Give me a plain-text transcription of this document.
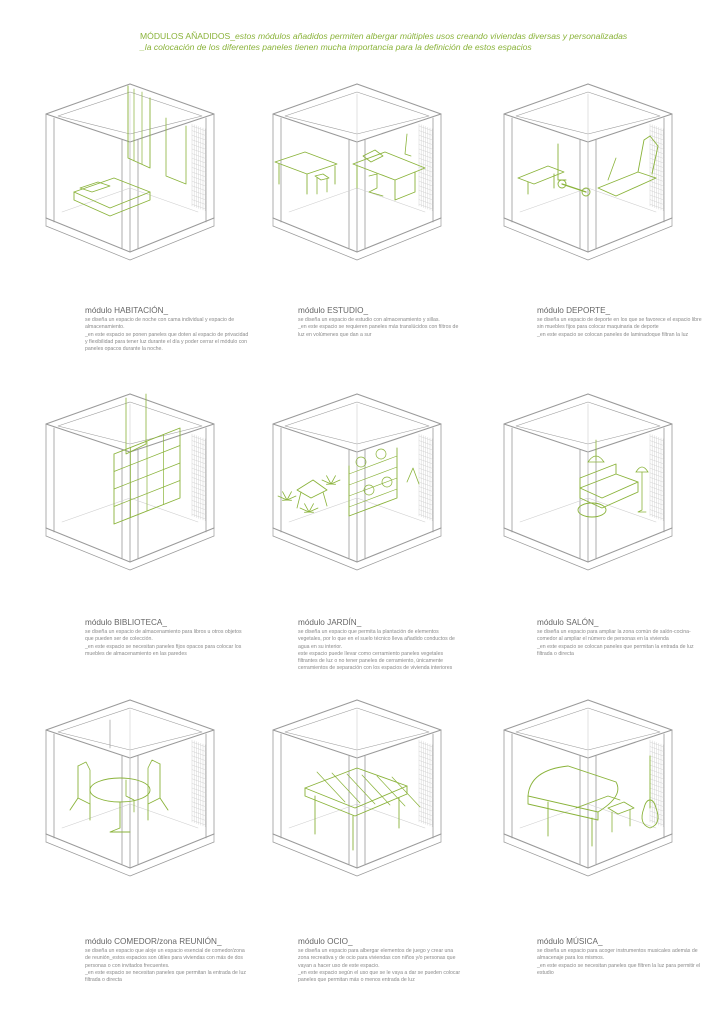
MÓDULOS AÑADIDOS_estos módulos añadidos permiten albergar múltiples usos creando viviendas diversas y personalizadas
_la colocación de los diferentes paneles tienen mucha importancia para la definición de estos espacios
módulo HABITACIÓN_
se diseña un espacio de noche con cama individual y espacio de almacenamiento.
_en este espacio se ponen paneles que doten al espacio de privacidad y flexibilidad para tener luz durante el día y poder cerrar el módulo con paneles opacos durante la noche.
módulo ESTUDIO_
se diseña un espacio de estudio con almacenamiento y sillas.
_en este espacio se requieren paneles más translúcidos con filtros de luz en volúmenes que dan a sur
módulo DEPORTE_
se diseña un espacio de deporte en los que se favorece el espacio libre sin muebles fijos para colocar maquinaria de deporte
_en este espacio se colocan paneles de laminadoque filtran la luz
módulo BIBLIOTECA_
se diseña un espacio de almacenamiento para libros u otros objetos que pueden ser de colección.
_en este espacio se necesitan paneles fijos opacos para colocar los muebles de almacenamiento en las paredes
módulo JARDÍN_
se diseña un espacio que permita la plantación de elementos vegetales, por lo que en el suelo técnico lleva añadido conductos de agua en su interior.
este espacio puede llevar como cerramiento paneles vegetales filtrantes de luz o no tener paneles de cerramiento, únicamente cerramientos de separación con los espacios de vivienda interiores
módulo SALÓN_
se diseña un espacio para ampliar la zona común de salón-cocina-comedor al ampliar el número de personas en la vivienda
_en este espacio se colocan paneles que permitan la entrada de luz filtrada o directa
módulo COMEDOR/zona REUNIÓN_
se diseña un espacio que aloje un espacio esencial de comedor/zona de reunión_estos espacios son útiles para viviendas con más de dos personas o con invitados frecuentes.
_en este espacio se necesitan paneles que permitan la entrada de luz filtrada o directa
módulo OCIO_
se diseña un espacio para albergar elementos de juego y crear una zona recreativa y de ocio para viviendas con niños y/o personas que vayan a hacer uso de este espacio.
_en este espacio según el uso que se le vaya a dar se pueden colocar paneles que permitan más o menos entrada de luz
módulo MÚSICA_
se diseña un espacio para acoger instrumentos musicales además de almacenaje para los mismos.
_en este espacio se necesitan paneles que filtren la luz para permitir el estudio
